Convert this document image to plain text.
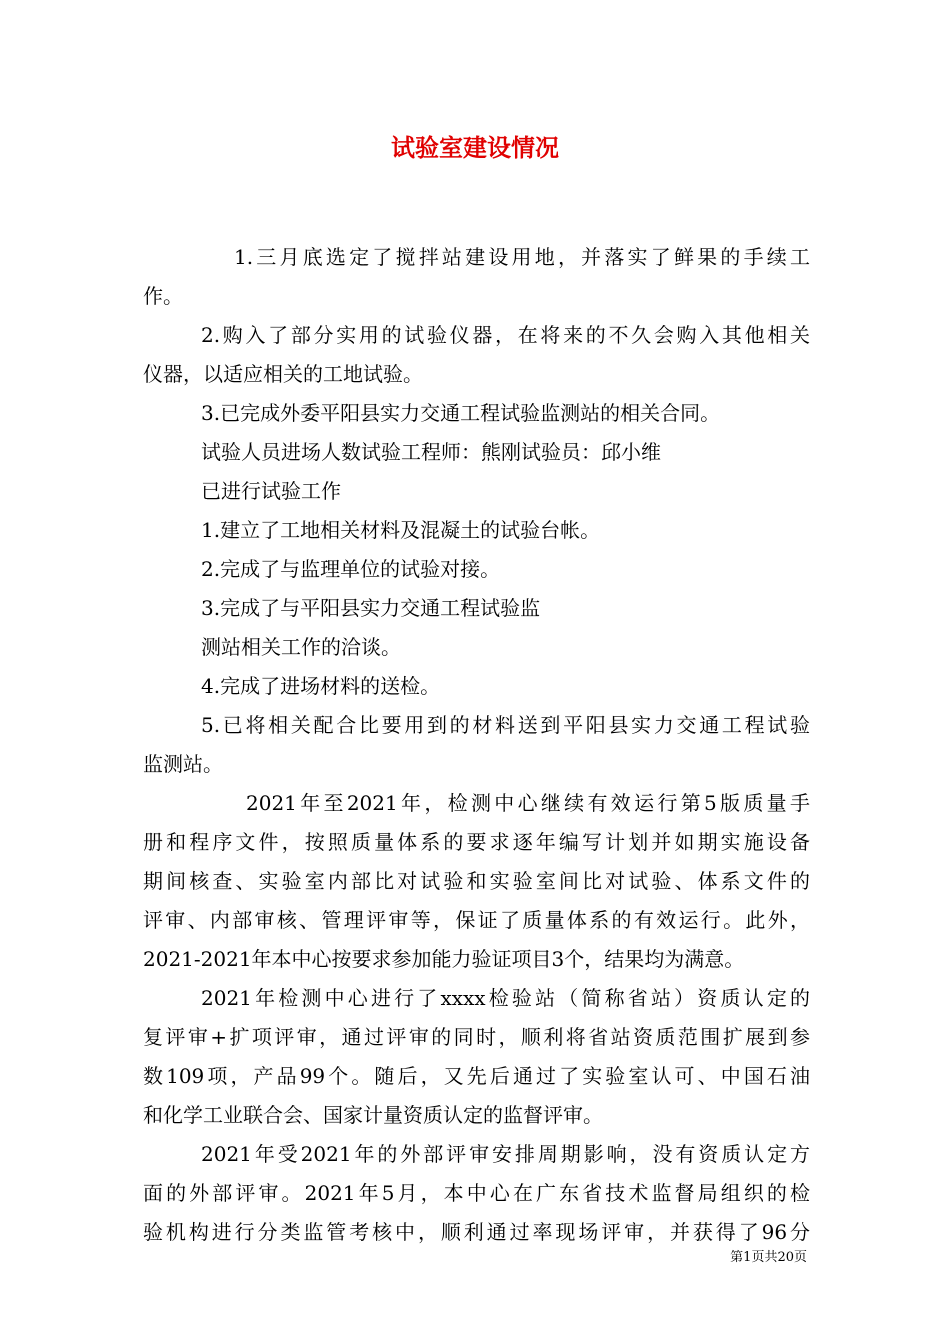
试验室建设情况
1.三月底选定了搅拌站建设用地，并落实了鲜果的手续工
作。
2.购入了部分实用的试验仪器，在将来的不久会购入其他相关
仪器，以适应相关的工地试验。
3.已完成外委平阳县实力交通工程试验监测站的相关合同。
试验人员进场人数试验工程师：熊刚试验员：邱小维
已进行试验工作
1.建立了工地相关材料及混凝土的试验台帐。
2.完成了与监理单位的试验对接。
3.完成了与平阳县实力交通工程试验监
测站相关工作的洽谈。
4.完成了进场材料的送检。
5.已将相关配合比要用到的材料送到平阳县实力交通工程试验
监测站。
2021年至2021年，检测中心继续有效运行第5版质量手
册和程序文件，按照质量体系的要求逐年编写计划并如期实施设备
期间核查、实验室内部比对试验和实验室间比对试验、体系文件的
评审、内部审核、管理评审等，保证了质量体系的有效运行。此外，
2021-2021年本中心按要求参加能力验证项目3个，结果均为满意。
2021年检测中心进行了xxxx检验站（简称省站）资质认定的
复评审+扩项评审，通过评审的同时，顺利将省站资质范围扩展到参
数109项，产品99个。随后，又先后通过了实验室认可、中国石油
和化学工业联合会、国家计量资质认定的监督评审。
2021年受2021年的外部评审安排周期影响，没有资质认定方
面的外部评审。2021年5月，本中心在广东省技术监督局组织的检
验机构进行分类监管考核中，顺利通过率现场评审，并获得了96分
第1页共20页
